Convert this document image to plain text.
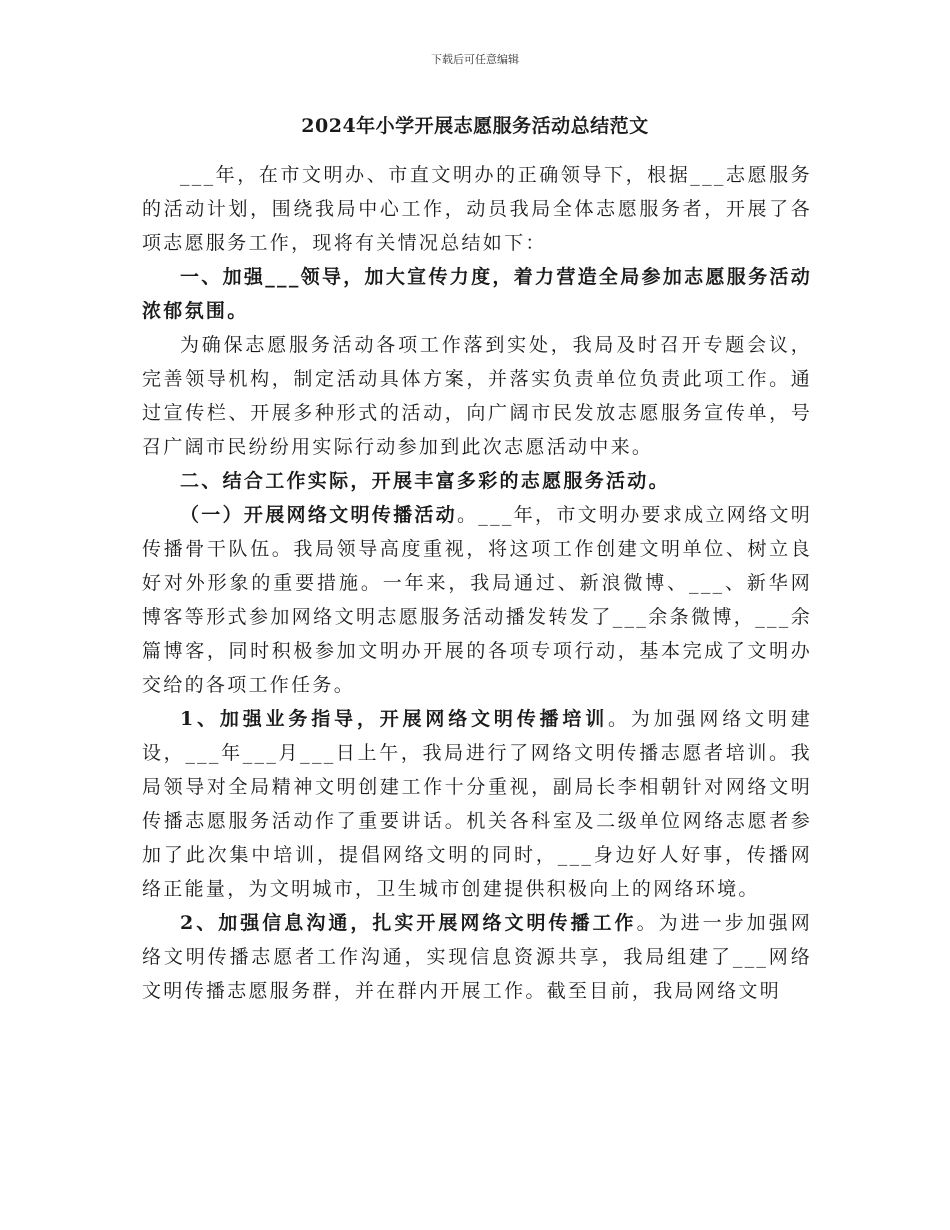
下载后可任意编辑
2024年小学开展志愿服务活动总结范文

___年，在市文明办、市直文明办的正确领导下，根据___志愿服务的活动计划，围绕我局中心工作，动员我局全体志愿服务者，开展了各项志愿服务工作，现将有关情况总结如下：

一、加强___领导，加大宣传力度，着力营造全局参加志愿服务活动浓郁氛围。

为确保志愿服务活动各项工作落到实处，我局及时召开专题会议，完善领导机构，制定活动具体方案，并落实负责单位负责此项工作。通过宣传栏、开展多种形式的活动，向广阔市民发放志愿服务宣传单，号召广阔市民纷纷用实际行动参加到此次志愿活动中来。

二、结合工作实际，开展丰富多彩的志愿服务活动。

（一）开展网络文明传播活动。___年，市文明办要求成立网络文明传播骨干队伍。我局领导高度重视，将这项工作创建文明单位、树立良好对外形象的重要措施。一年来，我局通过、新浪微博、___、新华网博客等形式参加网络文明志愿服务活动播发转发了___余条微博，___余篇博客，同时积极参加文明办开展的各项专项行动，基本完成了文明办交给的各项工作任务。

1、加强业务指导，开展网络文明传播培训。为加强网络文明建设，___年___月___日上午，我局进行了网络文明传播志愿者培训。我局领导对全局精神文明创建工作十分重视，副局长李相朝针对网络文明传播志愿服务活动作了重要讲话。机关各科室及二级单位网络志愿者参加了此次集中培训，提倡网络文明的同时，___身边好人好事，传播网络正能量，为文明城市，卫生城市创建提供积极向上的网络环境。

2、加强信息沟通，扎实开展网络文明传播工作。为进一步加强网络文明传播志愿者工作沟通，实现信息资源共享，我局组建了___网络文明传播志愿服务群，并在群内开展工作。截至目前，我局网络文明
